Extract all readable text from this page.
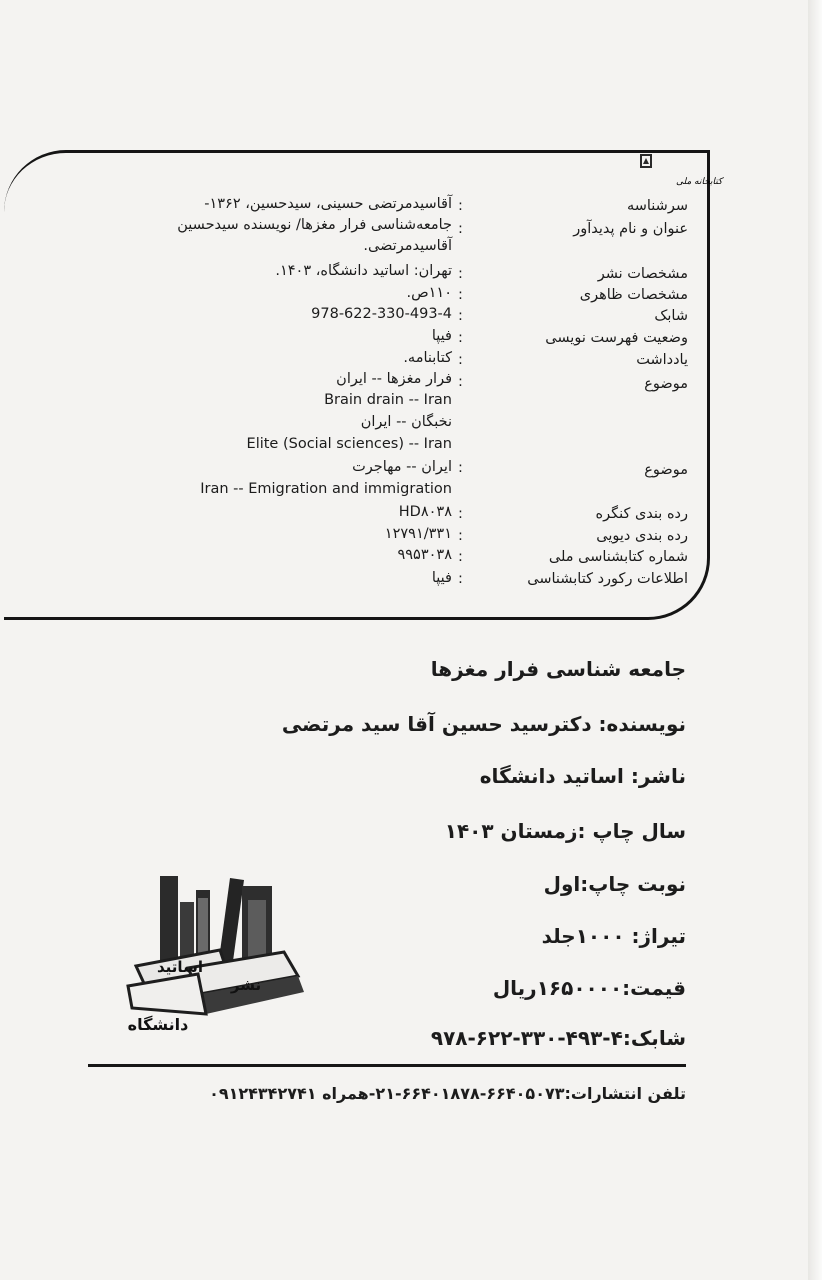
کتابخانه ملی
سرشناسه
:
آقاسیدمرتضی حسینی، سیدحسین، ۱۳۶۲-
عنوان و نام پدیدآور
:
جامعه‌شناسی فرار مغزها/ نویسنده سیدحسین
آقاسیدمرتضی.
مشخصات نشر
:
تهران: اساتید دانشگاه، ۱۴۰۳.
مشخصات ظاهری
:
۱۱۰ص.
شابک
:
978-622-330-493-4
وضعیت فهرست نویسی
:
فیپا
یادداشت
:
کتابنامه.
موضوع
:
فرار مغزها -- ایران
Brain drain -- Iran
نخبگان -- ایران
Elite (Social sciences) -- Iran
موضوع
:
ایران -- مهاجرت
Iran -- Emigration and immigration
رده بندی کنگره
:
HD۸۰۳۸
رده بندی دیویی
:
۱۲۷۹۱/۳۳۱
شماره کتابشناسی ملی
:
۹۹۵۳۰۳۸
اطلاعات رکورد کتابشناسی
:
فیپا
جامعه شناسی فرار مغزها
نویسنده: دکترسید حسین آقا سید مرتضی
ناشر: اساتید دانشگاه
سال چاپ :زمستان ۱۴۰۳
نوبت چاپ:اول
تیراژ: ۱۰۰۰جلد
قیمت:۱۶۵۰۰۰۰ریال
شابک:۴-۴۹۳-۳۳۰-۶۲۲-۹۷۸
اساتید
نشر
دانشگاه
تلفن انتشارات:۶۶۴۰۵۰۷۳-۶۶۴۰۱۸۷۸-۲۱-همراه ۰۹۱۲۴۳۴۲۷۴۱
